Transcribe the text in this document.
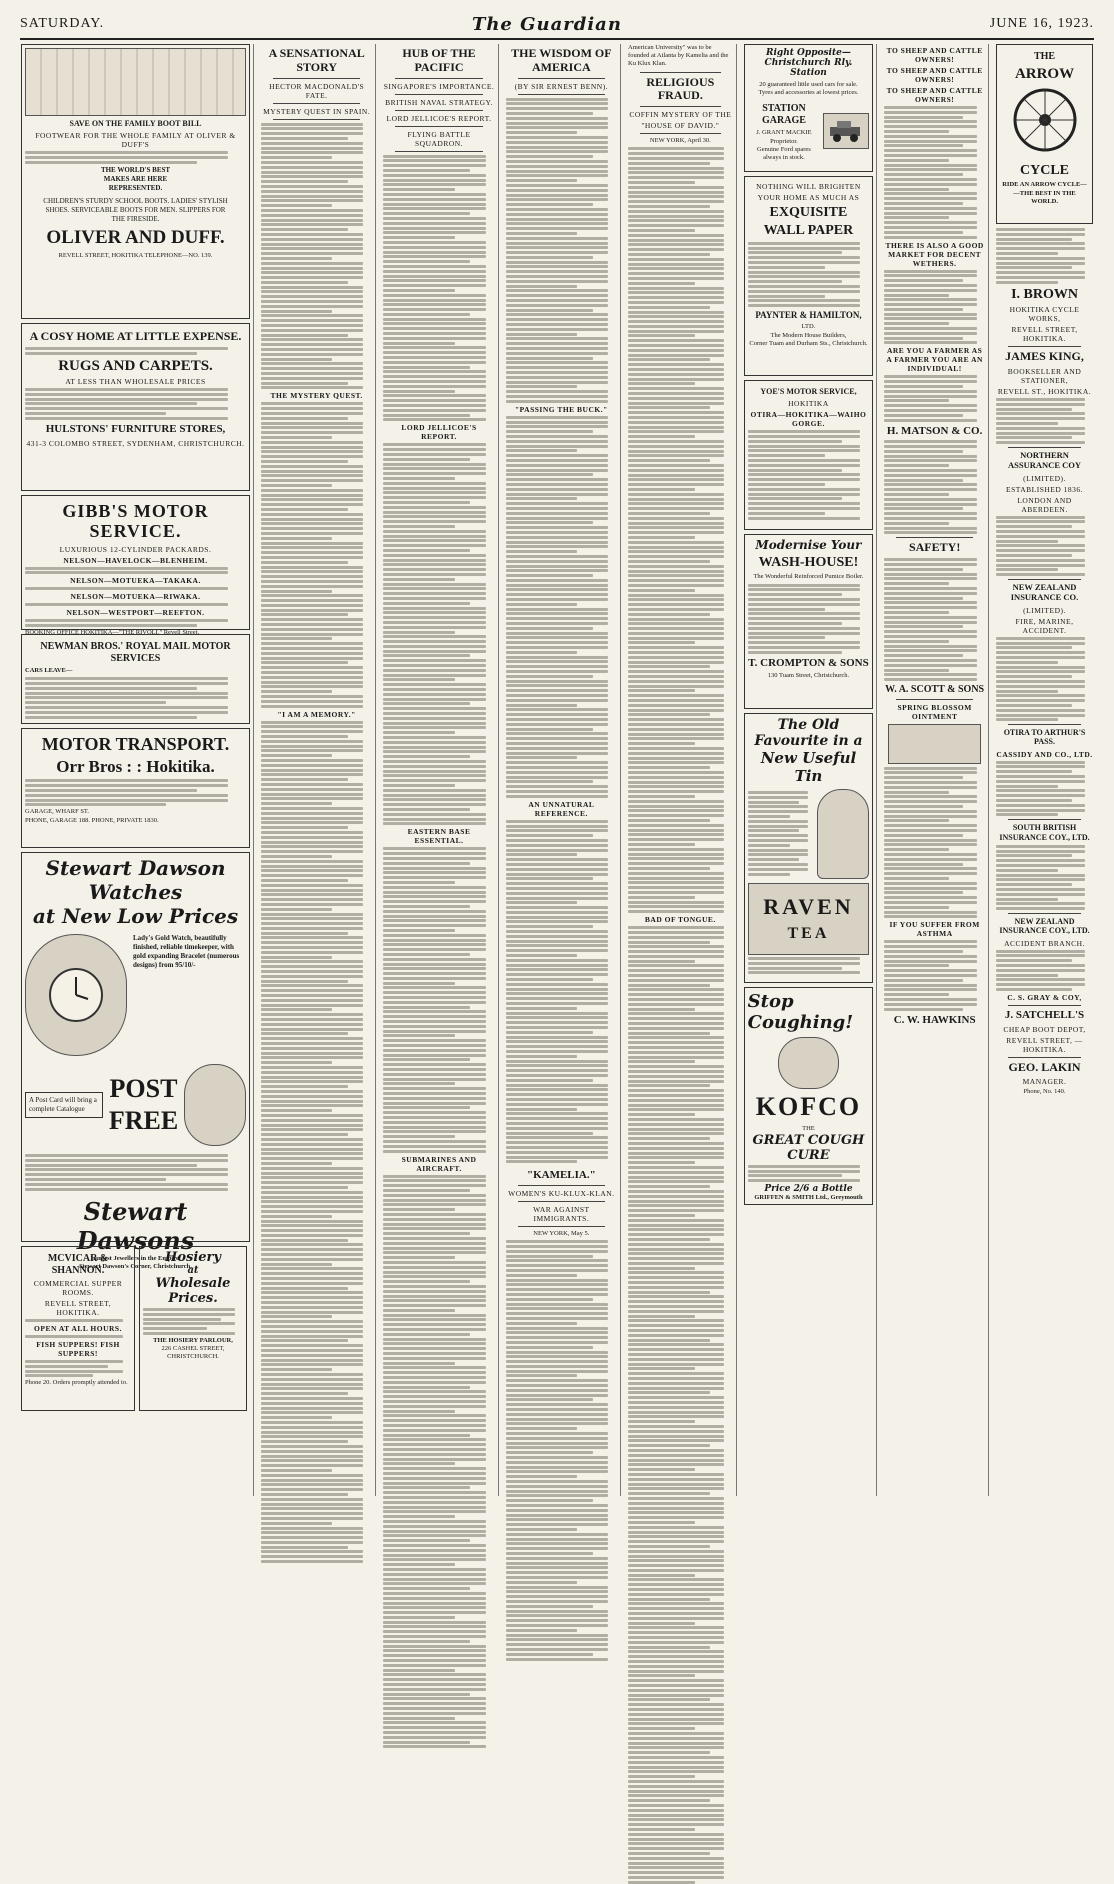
SATURDAY.	The Guardian	JUNE 16, 1923.
SAVE ON THE FAMILY BOOT BILL
FOOTWEAR FOR THE WHOLE FAMILY AT OLIVER & DUFF'S
THE WORLD'S BEST
MAKES ARE HERE
REPRESENTED.
CHILDREN'S STURDY SCHOOL BOOTS. LADIES' STYLISH SHOES. SERVICEABLE BOOTS FOR MEN. SLIPPERS FOR THE FIRESIDE.
OLIVER AND DUFF.
REVELL STREET, HOKITIKA TELEPHONE—NO. 139.
A COSY HOME AT LITTLE EXPENSE.
RUGS AND CARPETS.
AT LESS THAN WHOLESALE PRICES
HULSTONS' FURNITURE STORES,
431-3 COLOMBO STREET, SYDENHAM, CHRISTCHURCH.
GIBB'S MOTOR SERVICE.
LUXURIOUS 12-CYLINDER PACKARDS.
NELSON—HAVELOCK—BLENHEIM.
NELSON—MOTUEKA—TAKAKA.
NELSON—MOTUEKA—RIWAKA.
NELSON—WESTPORT—REEFTON.
BOOKING OFFICE HOKITIKA—"THE RIVOLI," Revell Street.
NEWMAN BROS.' ROYAL MAIL MOTOR SERVICES
CARS LEAVE—
MOTOR TRANSPORT.
Orr Bros : : Hokitika.
GARAGE, WHARF ST.
PHONE, GARAGE 188. PHONE, PRIVATE 1830.
Stewart Dawson Watches
at New Low Prices
Lady's Gold Watch, beautifully finished, reliable timekeeper, with gold expanding Bracelet (numerous designs) from 95/10/-
A Post Card will bring a complete Catalogue
POST
FREE
Stewart Dawsons
Largest Jewellers in the Empire.
Stewart Dawson's Corner, Christchurch.
MCVICAR & SHANNON.
COMMERCIAL SUPPER ROOMS.
REVELL STREET, HOKITIKA.
OPEN AT ALL HOURS.
FISH SUPPERS! FISH SUPPERS!
Phone 20. Orders promptly attended to.
Hosiery
at
Wholesale
Prices.
THE HOSIERY PARLOUR,
226 CASHEL STREET, CHRISTCHURCH.
A SENSATIONAL STORY
HECTOR MACDONALD'S FATE.
MYSTERY QUEST IN SPAIN.
THE MYSTERY QUEST.
"I AM A MEMORY."
HUB OF THE PACIFIC
SINGAPORE'S IMPORTANCE.
BRITISH NAVAL STRATEGY.
LORD JELLICOE'S REPORT.
FLYING BATTLE SQUADRON.
LORD JELLICOE'S REPORT.
EASTERN BASE ESSENTIAL.
SUBMARINES AND AIRCRAFT.
THE WISDOM OF AMERICA
(BY SIR ERNEST BENN).
"PASSING THE BUCK."
AN UNNATURAL REFERENCE.
"KAMELIA."
WOMEN'S KU-KLUX-KLAN.
WAR AGAINST IMMIGRANTS.
NEW YORK, May 5.
American University" was to be founded at Atlanta by Kamelia and the Ku Klux Klan.
RELIGIOUS FRAUD.
COFFIN MYSTERY OF THE
"HOUSE OF DAVID."
NEW YORK, April 30.
BAD OF TONGUE.
Right Opposite— Christchurch Rly. Station
20 guaranteed little used cars for sale.
Tyres and accessories at lowest prices.
STATION GARAGE
J. GRANT MACKIE Proprietor.
Genuine Ford spares always in stock.
NOTHING WILL BRIGHTEN
YOUR HOME AS MUCH AS
EXQUISITE
WALL PAPER
PAYNTER & HAMILTON,
LTD.
The Modern House Builders,
Corner Tuam and Durham Sts., Christchurch.
YOE'S MOTOR SERVICE,
HOKITIKA
OTIRA—HOKITIKA—WAIHO GORGE.
Modernise Your
WASH-HOUSE!
The Wonderful Reinforced Pumice Boiler.
T. CROMPTON & SONS
130 Tuam Street, Christchurch.
The Old Favourite in a
New Useful Tin
RAVEN
TEA
Stop
Coughing!
KOFCO
THE
GREAT COUGH CURE
Price 2/6 a Bottle
GRIFFEN & SMITH Ltd., Greymouth
TO SHEEP AND CATTLE OWNERS!
TO SHEEP AND CATTLE OWNERS!
TO SHEEP AND CATTLE OWNERS!
THERE IS ALSO A GOOD MARKET FOR DECENT WETHERS.
ARE YOU A FARMER AS A FARMER YOU ARE AN INDIVIDUAL!
H. MATSON & CO.
SAFETY!
W. A. SCOTT & SONS
SPRING BLOSSOM OINTMENT
IF YOU SUFFER FROM ASTHMA
C. W. HAWKINS
THE
ARROW
CYCLE
RIDE AN ARROW CYCLE—
—THE BEST IN THE WORLD.
I. BROWN
HOKITIKA CYCLE WORKS,
REVELL STREET, HOKITIKA.
JAMES KING,
BOOKSELLER AND STATIONER,
REVELL ST., HOKITIKA.
NORTHERN ASSURANCE COY
(LIMITED).
ESTABLISHED 1836.
LONDON AND ABERDEEN.
NEW ZEALAND INSURANCE CO.
(LIMITED).
FIRE, MARINE, ACCIDENT.
OTIRA TO ARTHUR'S PASS.
CASSIDY AND CO., LTD.
SOUTH BRITISH INSURANCE COY., LTD.
NEW ZEALAND INSURANCE COY., LTD.
ACCIDENT BRANCH.
C. S. GRAY & COY,
J. SATCHELL'S
CHEAP BOOT DEPOT,
REVELL STREET, — HOKITIKA.
GEO. LAKIN
MANAGER.
Phone, No. 140.
